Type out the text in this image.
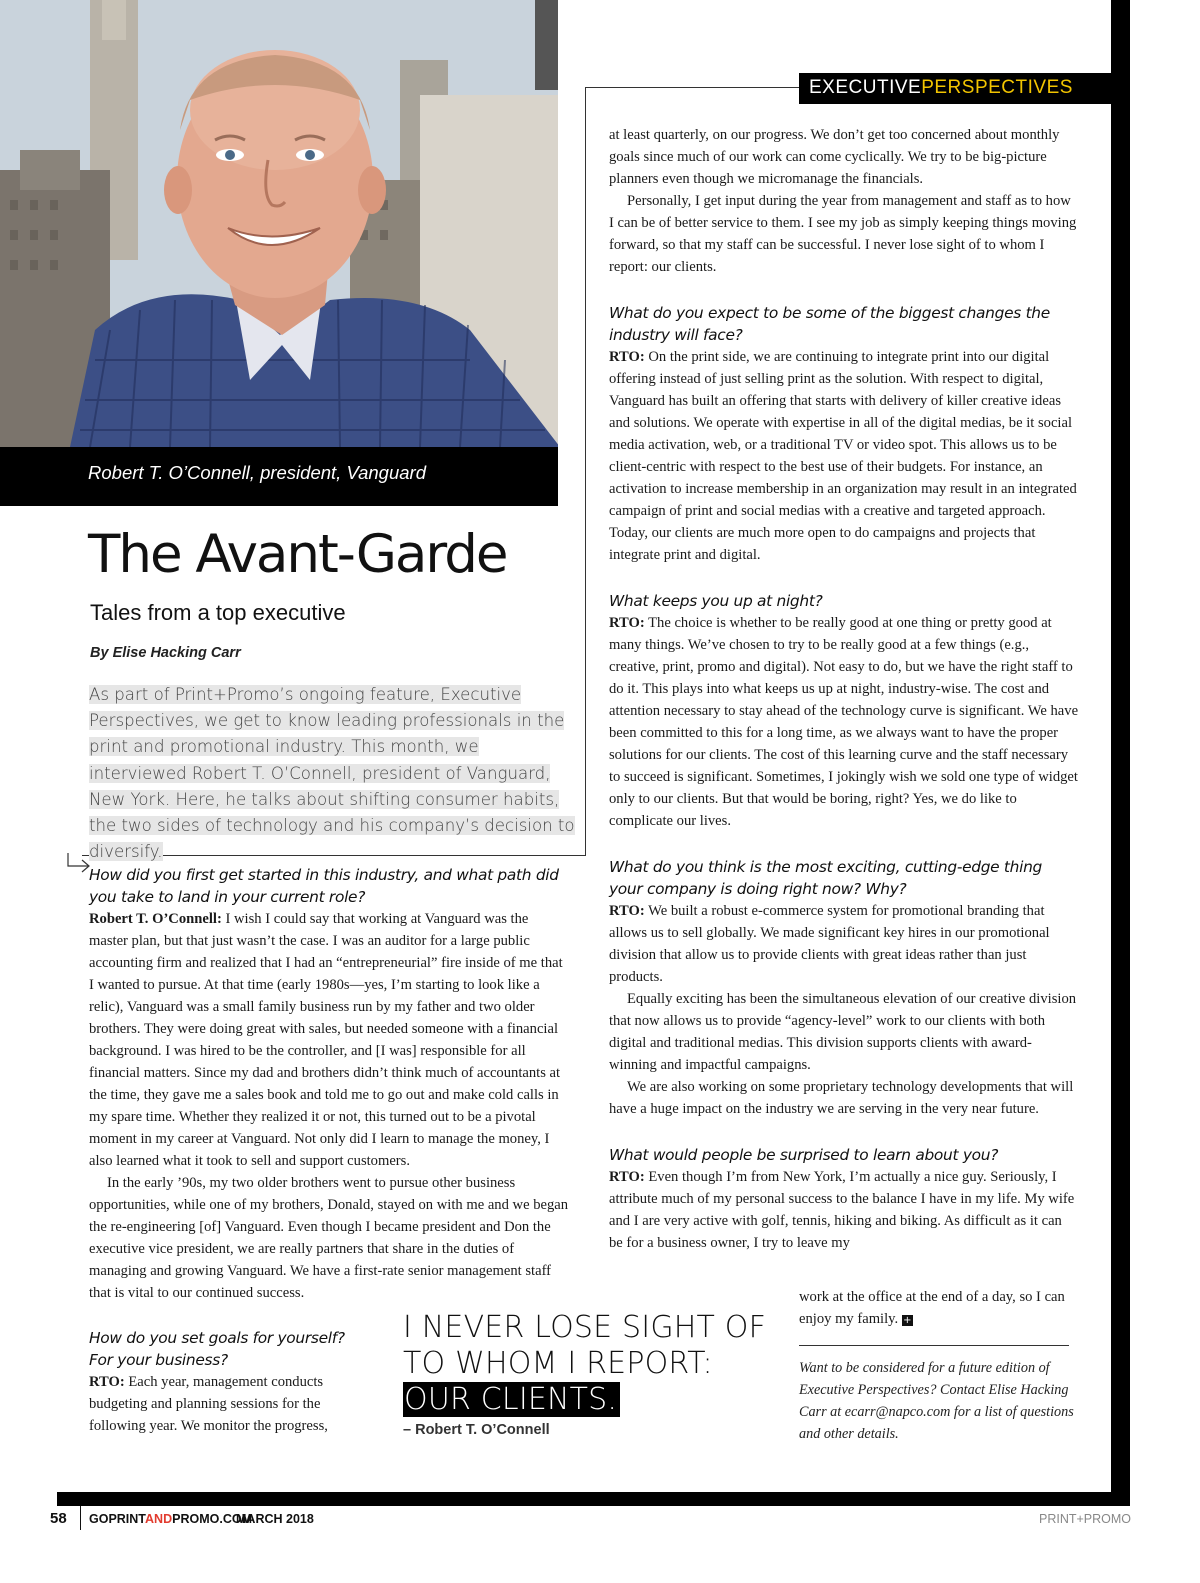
Robert T. O’Connell, president, Vanguard
EXECUTIVEPERSPECTIVES
The Avant-Garde
Tales from a top executive
By Elise Hacking Carr
As part of Print+Promo’s ongoing feature, Executive Perspectives, we get to know leading professionals in the print and promotional industry. This month, we interviewed Robert T. O’Connell, president of Vanguard, New York. Here, he talks about shifting consumer habits, the two sides of technology and his company’s decision to diversify.
How did you first get started in this industry, and what path did you take to land in your current role?
Robert T. O’Connell: I wish I could say that working at Vanguard was the master plan, but that just wasn’t the case. I was an auditor for a large public accounting firm and realized that I had an “entrepreneurial” fire inside of me that I wanted to pursue. At that time (early 1980s—yes, I’m starting to look like a relic), Vanguard was a small family business run by my father and two older brothers. They were doing great with sales, but needed someone with a financial background. I was hired to be the controller, and [I was] responsible for all financial matters. Since my dad and brothers didn’t think much of accountants at the time, they gave me a sales book and told me to go out and make cold calls in my spare time. Whether they realized it or not, this turned out to be a pivotal moment in my career at Vanguard. Not only did I learn to manage the money, I also learned what it took to sell and support customers.
In the early ’90s, my two older brothers went to pursue other business opportunities, while one of my brothers, Donald, stayed on with me and we began the re-engineering [of] Vanguard. Even though I became president and Don the executive vice president, we are really partners that share in the duties of managing and growing Vanguard. We have a first-rate senior management staff that is vital to our continued success.
How do you set goals for yourself? For your business?
RTO: Each year, management conducts budgeting and planning sessions for the following year. We monitor the progress,
at least quarterly, on our progress. We don’t get too concerned about monthly goals since much of our work can come cyclically. We try to be big-picture planners even though we micromanage the financials.
Personally, I get input during the year from management and staff as to how I can be of better service to them. I see my job as simply keeping things moving forward, so that my staff can be successful. I never lose sight of to whom I report: our clients.
What do you expect to be some of the biggest changes the industry will face?
RTO: On the print side, we are continuing to integrate print into our digital offering instead of just selling print as the solution. With respect to digital, Vanguard has built an offering that starts with delivery of killer creative ideas and solutions. We operate with expertise in all of the digital medias, be it social media activation, web, or a traditional TV or video spot. This allows us to be client-centric with respect to the best use of their budgets. For instance, an activation to increase membership in an organization may result in an integrated campaign of print and social medias with a creative and targeted approach. Today, our clients are much more open to do campaigns and projects that integrate print and digital.
What keeps you up at night?
RTO: The choice is whether to be really good at one thing or pretty good at many things. We’ve chosen to try to be really good at a few things (e.g., creative, print, promo and digital). Not easy to do, but we have the right staff to do it. This plays into what keeps us up at night, industry-wise. The cost and attention necessary to stay ahead of the technology curve is significant. We have been committed to this for a long time, as we always want to have the proper solutions for our clients. The cost of this learning curve and the staff necessary to succeed is significant. Sometimes, I jokingly wish we sold one type of widget only to our clients. But that would be boring, right? Yes, we do like to complicate our lives.
What do you think is the most exciting, cutting-edge thing your company is doing right now? Why?
RTO: We built a robust e-commerce system for promotional branding that allows us to sell globally. We made significant key hires in our promotional division that allow us to provide clients with great ideas rather than just products.
Equally exciting has been the simultaneous elevation of our creative division that now allows us to provide “agency-level” work to our clients with both digital and traditional medias. This division supports clients with award-winning and impactful campaigns.
We are also working on some proprietary technology developments that will have a huge impact on the industry we are serving in the very near future.
What would people be surprised to learn about you?
RTO: Even though I’m from New York, I’m actually a nice guy. Seriously, I attribute much of my personal success to the balance I have in my life. My wife and I are very active with golf, tennis, hiking and biking. As difficult as it can be for a business owner, I try to leave my
work at the office at the end of a day, so I can enjoy my family. +
I NEVER LOSE SIGHT OF
TO WHOM I REPORT:
OUR CLIENTS.
– Robert T. O’Connell
Want to be considered for a future edition of Executive Perspectives? Contact Elise Hacking Carr at ecarr@napco.com for a list of questions and other details.
58 GOPRINTANDPROMO.COM
MARCH 2018	PRINT+PROMO
